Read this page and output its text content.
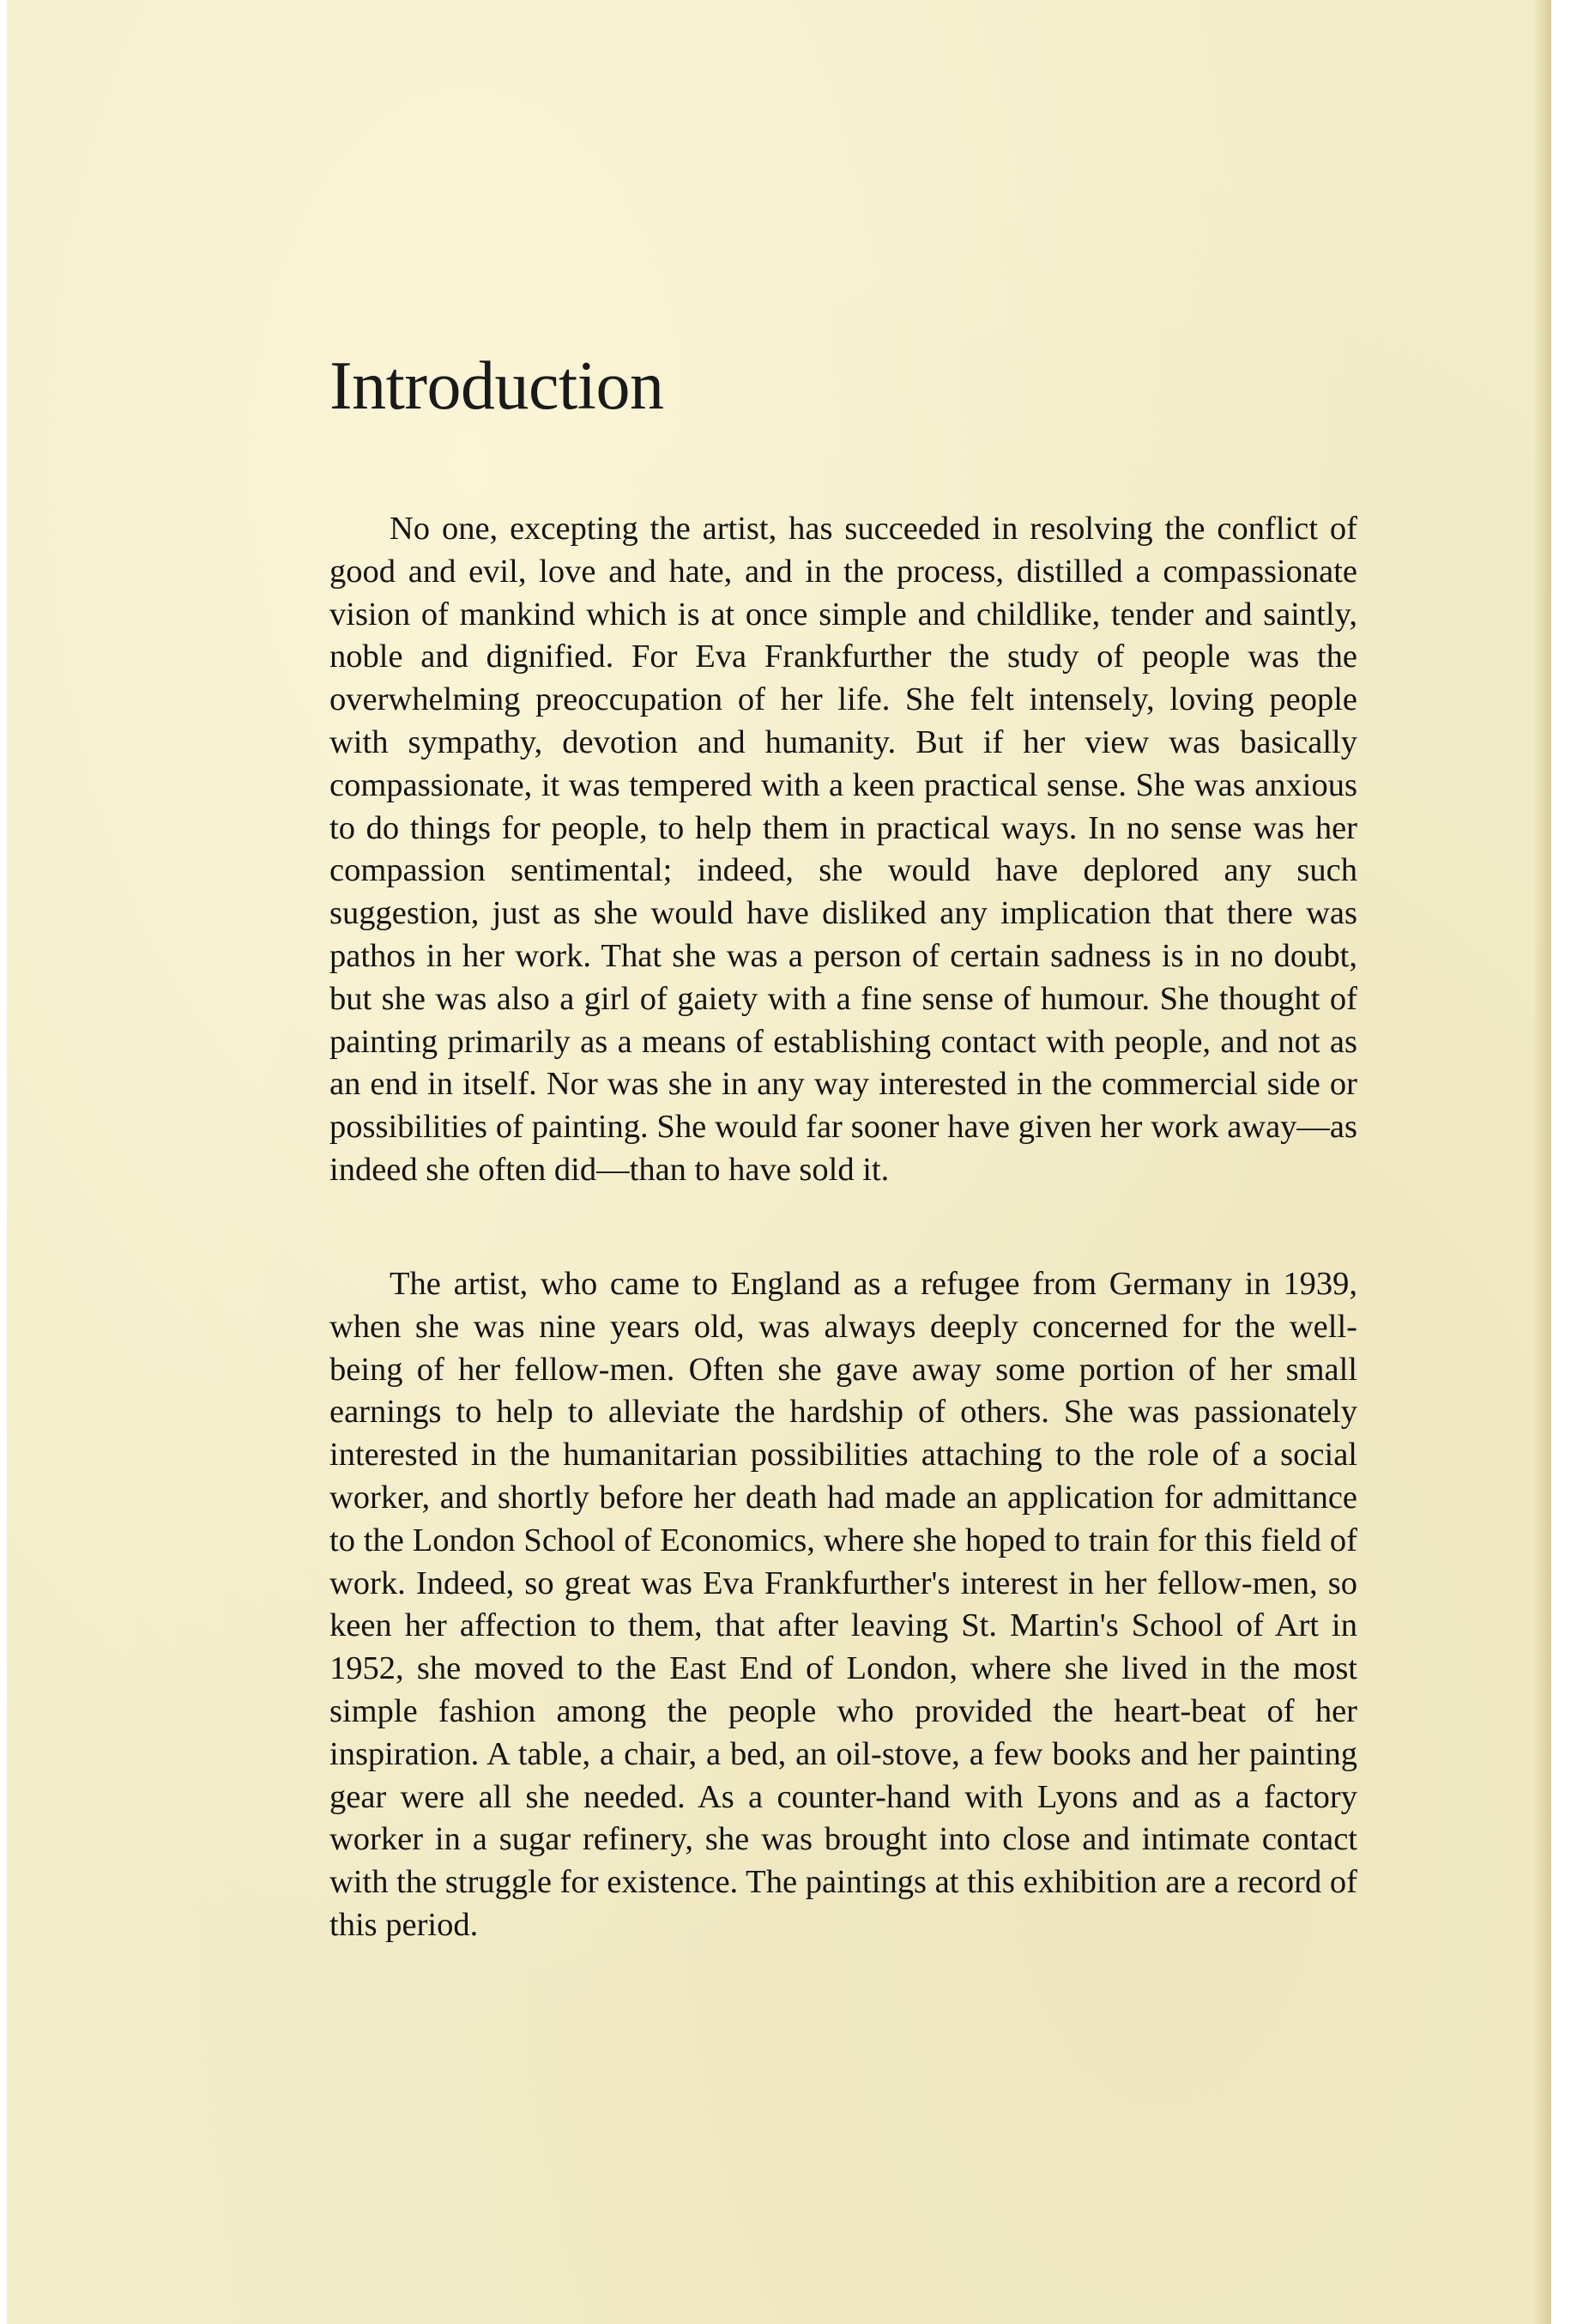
Introduction

No one, excepting the artist, has succeeded in resolving the conflict of good and evil, love and hate, and in the process, distilled a compassionate vision of mankind which is at once simple and childlike, tender and saintly, noble and dignified. For Eva Frankfurther the study of people was the overwhelming preoccupation of her life. She felt intensely, loving people with sympathy, devotion and humanity. But if her view was basically compassionate, it was tempered with a keen practical sense. She was anxious to do things for people, to help them in practical ways. In no sense was her compassion sentimental; indeed, she would have deplored any such suggestion, just as she would have disliked any implication that there was pathos in her work. That she was a person of certain sadness is in no doubt, but she was also a girl of gaiety with a fine sense of humour. She thought of painting primarily as a means of establishing contact with people, and not as an end in itself. Nor was she in any way interested in the commercial side or possibilities of painting. She would far sooner have given her work away—as indeed she often did—than to have sold it.

The artist, who came to England as a refugee from Germany in 1939, when she was nine years old, was always deeply concerned for the well-being of her fellow-men. Often she gave away some portion of her small earnings to help to alleviate the hardship of others. She was passionately interested in the humanitarian possibilities attaching to the role of a social worker, and shortly before her death had made an application for admittance to the London School of Economics, where she hoped to train for this field of work. Indeed, so great was Eva Frankfurther's interest in her fellow-men, so keen her affection to them, that after leaving St. Martin's School of Art in 1952, she moved to the East End of London, where she lived in the most simple fashion among the people who provided the heart-beat of her inspiration. A table, a chair, a bed, an oil-stove, a few books and her painting gear were all she needed. As a counter-hand with Lyons and as a factory worker in a sugar refinery, she was brought into close and intimate contact with the struggle for existence. The paintings at this exhibition are a record of this period.
